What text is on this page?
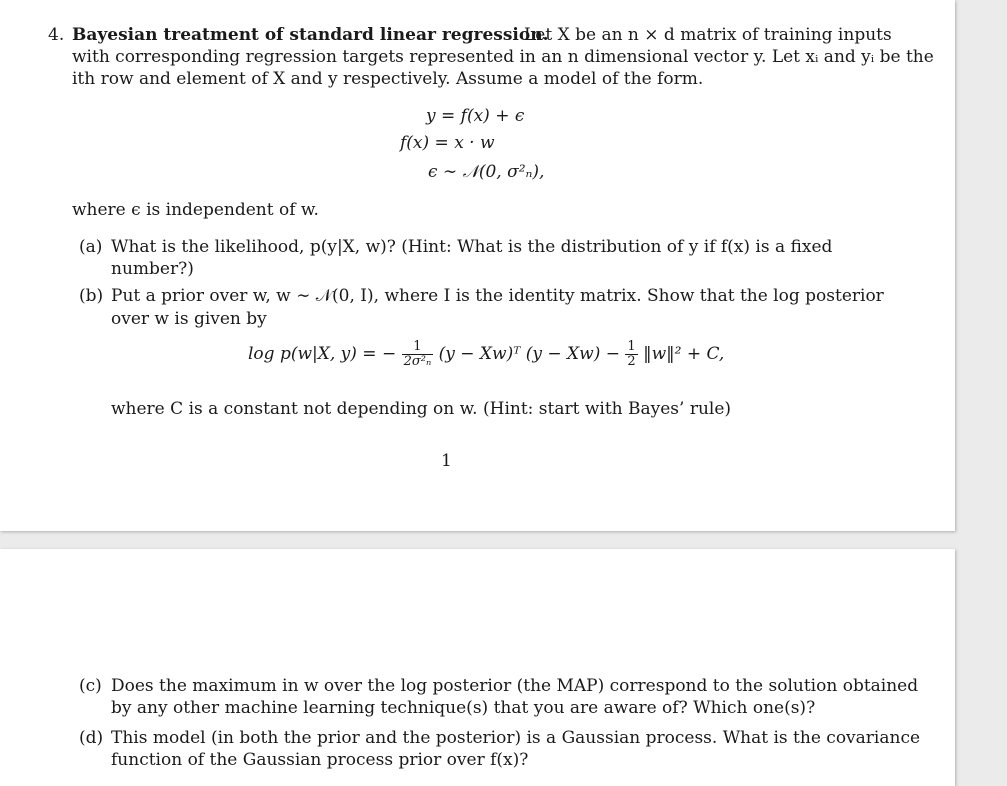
4. Bayesian treatment of standard linear regression.
Let X be an n × d matrix of training inputs
with corresponding regression targets represented in an n dimensional vector y. Let xᵢ and yᵢ be the
ith row and element of X and y respectively. Assume a model of the form.
y = f(x) + ϵ
f(x) = x · w
ϵ ∼ 𝒩(0, σ²ₙ),
where ϵ is independent of w.
(a) What is the likelihood, p(y|X, w)? (Hint: What is the distribution of y if f(x) is a fixed
number?)
(b) Put a prior over w, w ∼ 𝒩(0, I), where I is the identity matrix. Show that the log posterior
over w is given by
log p(w|X, y) = − $\frac{1}{\text{2σ²ₙ}} (y$ − Xw)ᵀ $(y - Xw) - \frac{1}{2}$ ‖w‖² + C,
where C is a constant not depending on w. (Hint: start with Bayes’ rule)
1
(c) Does the maximum in w over the log posterior (the MAP) correspond to the solution obtained
by any other machine learning technique(s) that you are aware of? Which one(s)?
(d) This model (in both the prior and the posterior) is a Gaussian process. What is the covariance
function of the Gaussian process prior over f(x)?
